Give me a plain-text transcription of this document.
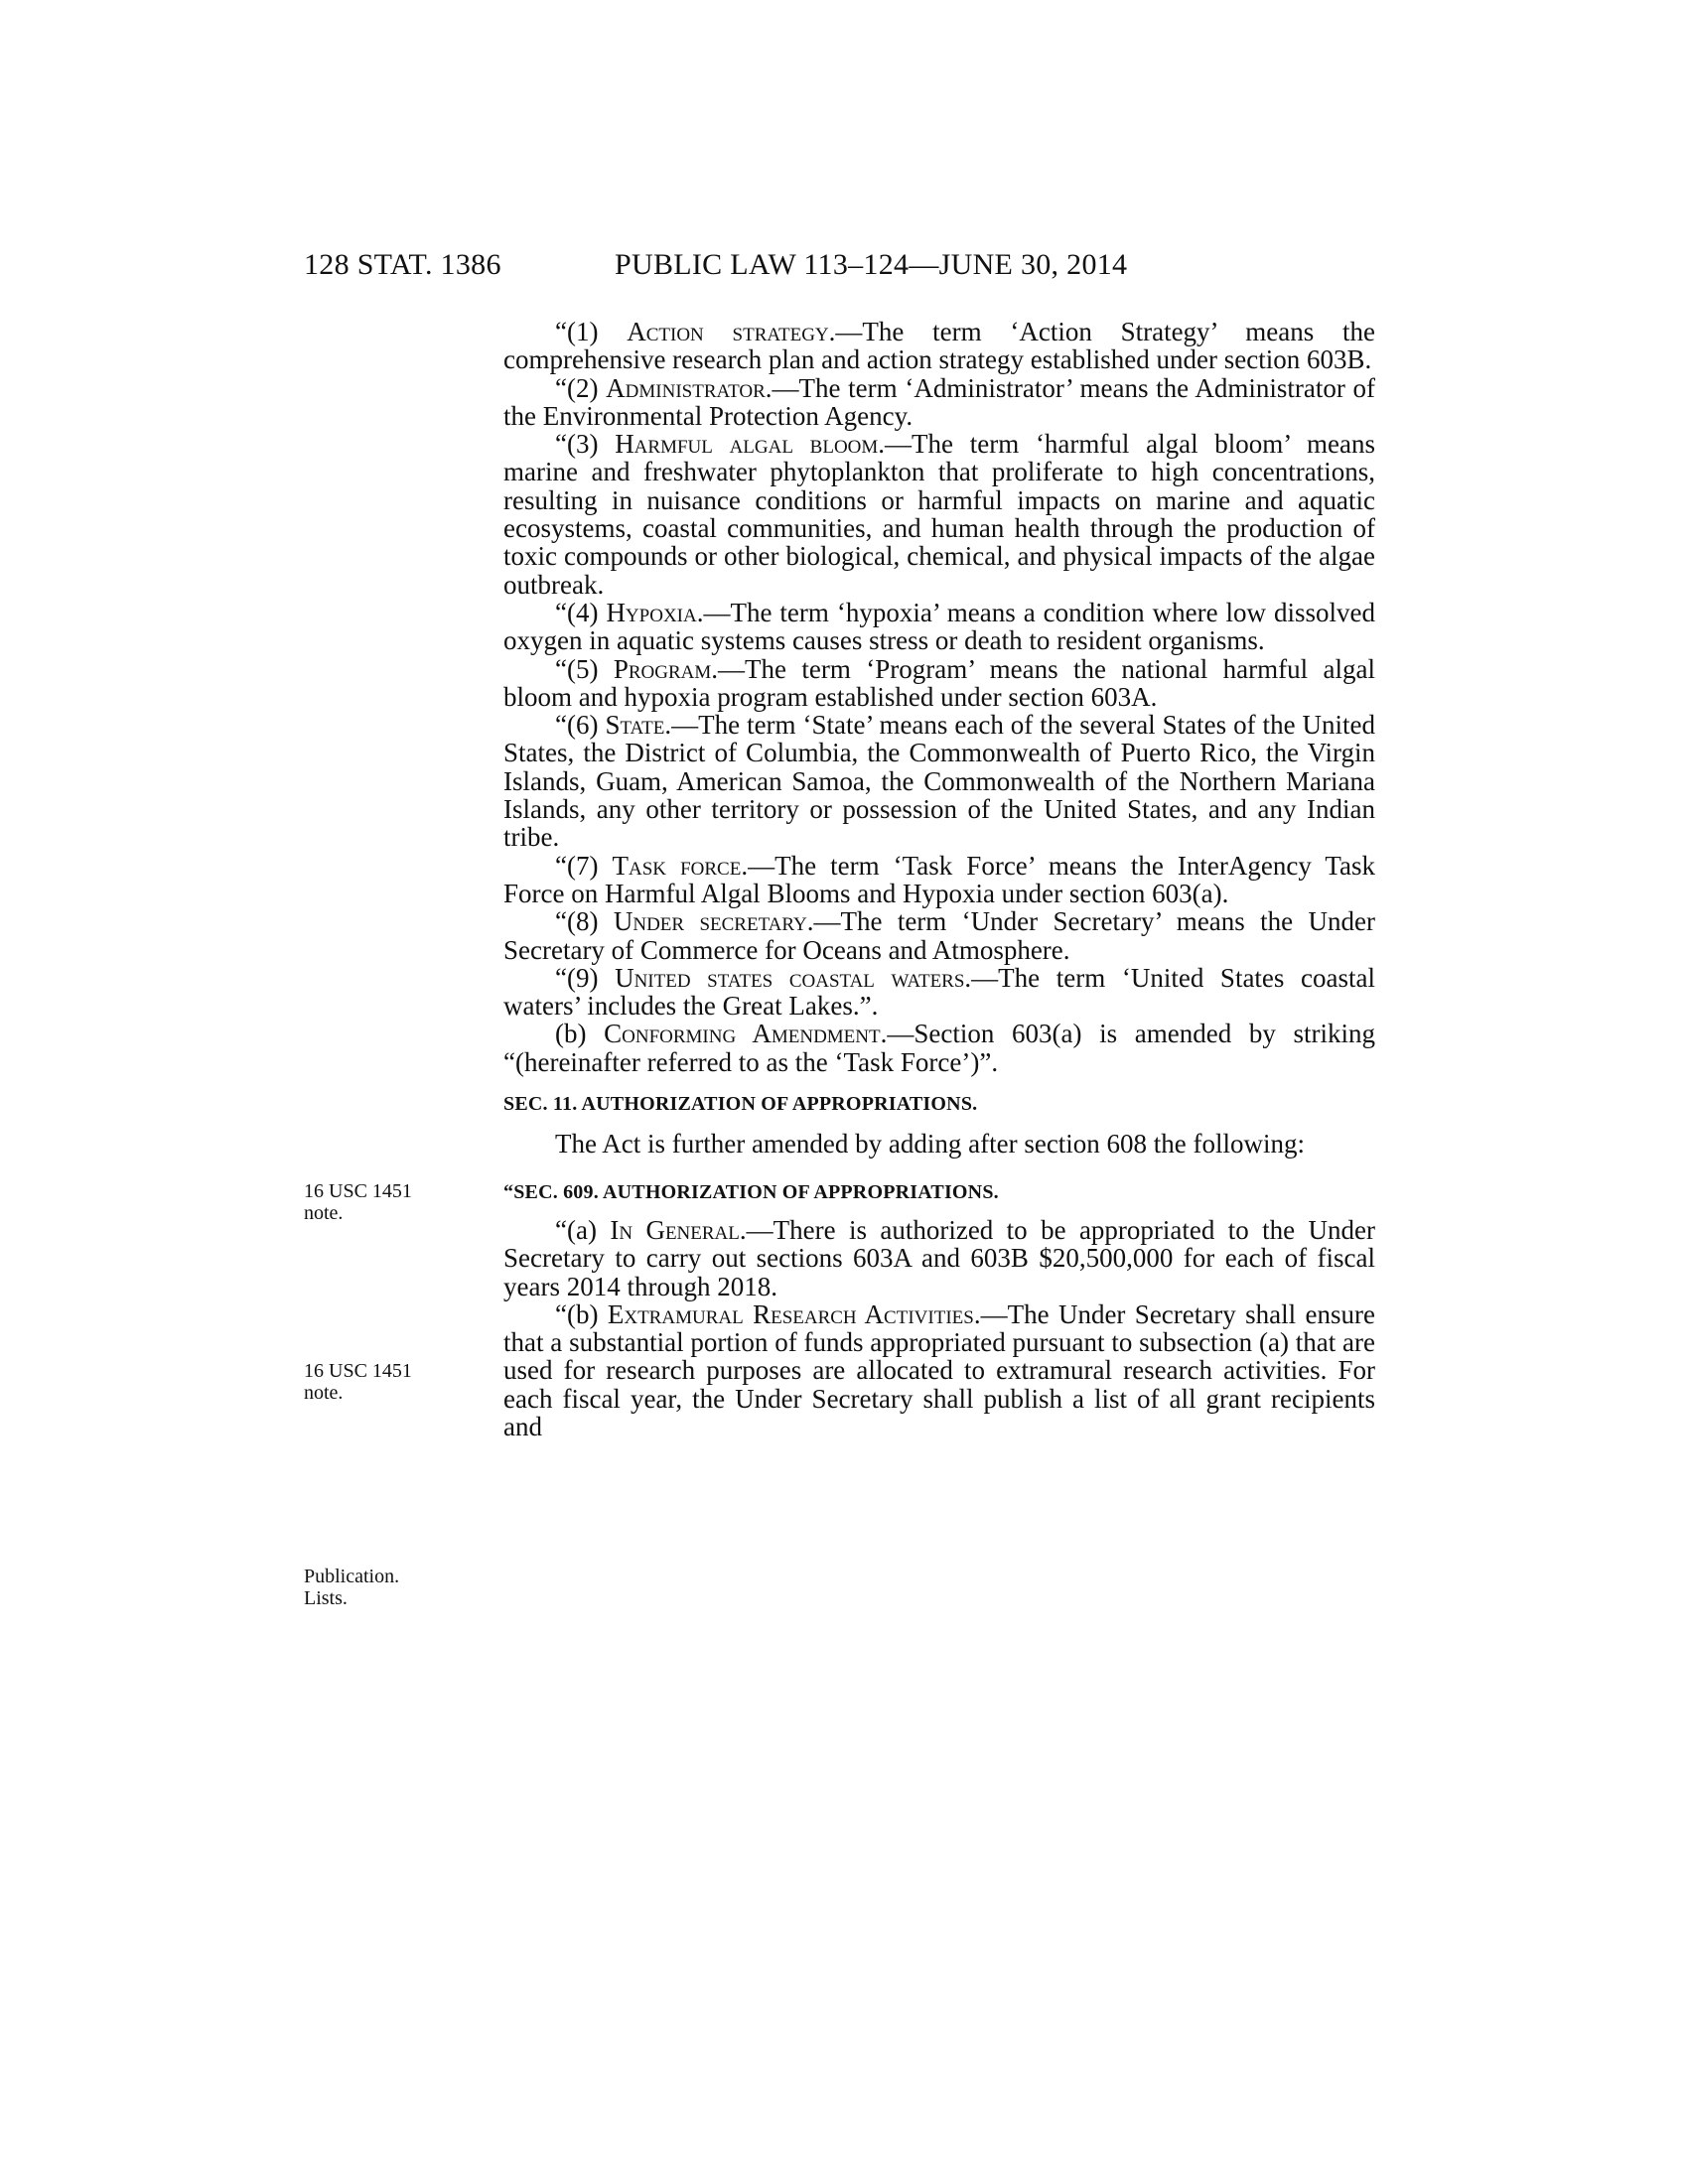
128 STAT. 1386	PUBLIC LAW 113–124—JUNE 30, 2014
16 USC 1451
note.
16 USC 1451
note.
Publication.
Lists.

“(1) Action strategy.—The term ‘Action Strategy’ means the comprehensive research plan and action strategy established under section 603B.

“(2) Administrator.—The term ‘Administrator’ means the Administrator of the Environmental Protection Agency.

“(3) Harmful algal bloom.—The term ‘harmful algal bloom’ means marine and freshwater phytoplankton that proliferate to high concentrations, resulting in nuisance conditions or harmful impacts on marine and aquatic ecosystems, coastal communities, and human health through the production of toxic compounds or other biological, chemical, and physical impacts of the algae outbreak.

“(4) Hypoxia.—The term ‘hypoxia’ means a condition where low dissolved oxygen in aquatic systems causes stress or death to resident organisms.

“(5) Program.—The term ‘Program’ means the national harmful algal bloom and hypoxia program established under section 603A.

“(6) State.—The term ‘State’ means each of the several States of the United States, the District of Columbia, the Commonwealth of Puerto Rico, the Virgin Islands, Guam, American Samoa, the Commonwealth of the Northern Mariana Islands, any other territory or possession of the United States, and any Indian tribe.

“(7) Task force.—The term ‘Task Force’ means the InterAgency Task Force on Harmful Algal Blooms and Hypoxia under section 603(a).

“(8) Under secretary.—The term ‘Under Secretary’ means the Under Secretary of Commerce for Oceans and Atmosphere.

“(9) United states coastal waters.—The term ‘United States coastal waters’ includes the Great Lakes.”.

(b) Conforming Amendment.—Section 603(a) is amended by striking “(hereinafter referred to as the ‘Task Force’)”.

SEC. 11. AUTHORIZATION OF APPROPRIATIONS.

The Act is further amended by adding after section 608 the following:

“SEC. 609. AUTHORIZATION OF APPROPRIATIONS.

“(a) In General.—There is authorized to be appropriated to the Under Secretary to carry out sections 603A and 603B $20,500,000 for each of fiscal years 2014 through 2018.

“(b) Extramural Research Activities.—The Under Secretary shall ensure that a substantial portion of funds appropriated pursuant to subsection (a) that are used for research purposes are allocated to extramural research activities. For each fiscal year, the Under Secretary shall publish a list of all grant recipients and
